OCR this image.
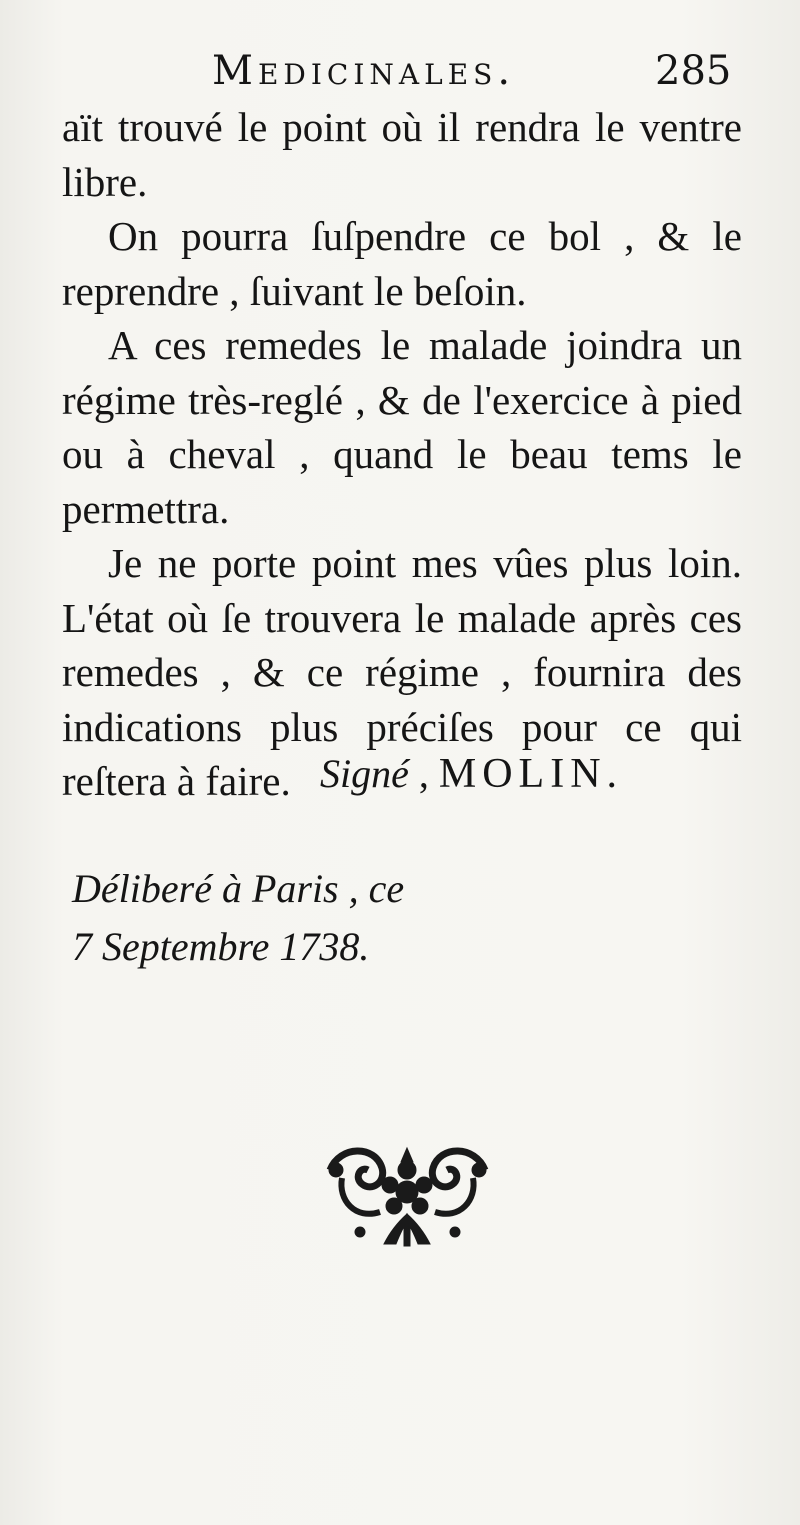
Medicinales.	285

aït trouvé le point où il rendra le ventre libre.

On pourra ſuſpendre ce bol , & le reprendre , ſuivant le beſoin.

A ces remedes le malade joindra un régime très-reglé , & de l'exercice à pied ou à cheval , quand le beau tems le permettra.

Je ne porte point mes vûes plus loin. L'état où ſe trouvera le malade après ces remedes , & ce régime , fournira des indications plus préciſes pour ce qui reſtera à faire. Signé , MOLIN.
Déliberé à Paris , ce
7 Septembre 1738.
